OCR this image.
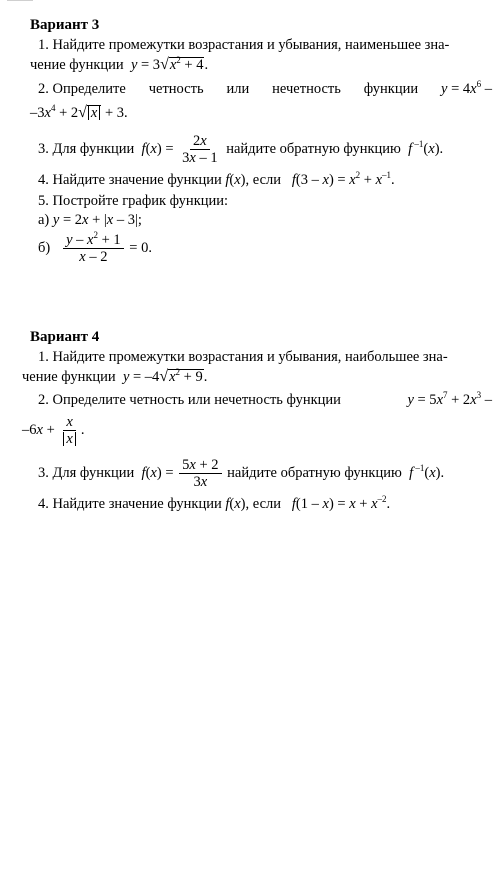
Вариант 3
1. Найдите промежутки возрастания и убывания, наименьшее зна-
чение функции $y = 3√x^2 + 4$.
2. Определите четность или нечетность функции $y = 4x^6$ –
$-3x^4 + 2√$ x + 3.
3. Для функции $f(x) = \frac{2x}{3x - 1}$ найдите обратную функцию f $^{-1}$(x).
4. Найдите значение функции f(x), если $f(3 - x) = x^2 + x^{-1}$.
5. Постройте график функции:
а) y = 2x + |x – 3|;
$б) \frac{y - x^2 + 1}{x - 2} = 0$.
Вариант 4
1. Найдите промежутки возрастания и убывания, наибольшее зна-
чение функции $y = -4√x^2 + 9$.
2. Определите четность или нечетность функции	$y = 5x^7 + 2x^3$ –
$-6x + \frac{x}{x}$ .
3. Для функции $f(x) = \frac{5x + 2}{3x}$ найдите обратную функцию f $^{-1}$(x).
4. Найдите значение функции f(x), если $f(1 - x) = x + x^{-2}$.
